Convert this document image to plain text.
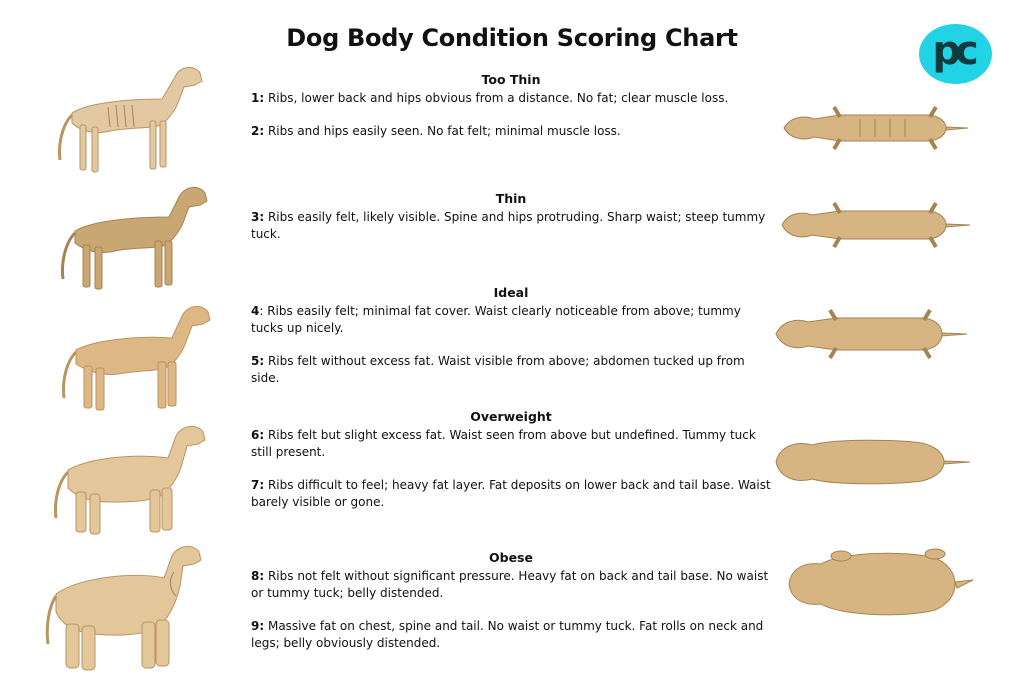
Dog Body Condition Scoring Chart	pc
Too Thin

1: Ribs, lower back and hips obvious from a distance. No fat; clear muscle loss.

2: Ribs and hips easily seen. No fat felt; minimal muscle loss.

Thin

3: Ribs easily felt, likely visible. Spine and hips protruding. Sharp waist; steep tummy tuck.

Ideal

4: Ribs easily felt; minimal fat cover. Waist clearly noticeable from above; tummy tucks up nicely.

5: Ribs felt without excess fat. Waist visible from above; abdomen tucked up from side.

Overweight

6: Ribs felt but slight excess fat. Waist seen from above but undefined. Tummy tuck still present.

7: Ribs difficult to feel; heavy fat layer. Fat deposits on lower back and tail base. Waist barely visible or gone.

Obese

8: Ribs not felt without significant pressure. Heavy fat on back and tail base. No waist or tummy tuck; belly distended.

9: Massive fat on chest, spine and tail. No waist or tummy tuck. Fat rolls on neck and legs; belly obviously distended.
